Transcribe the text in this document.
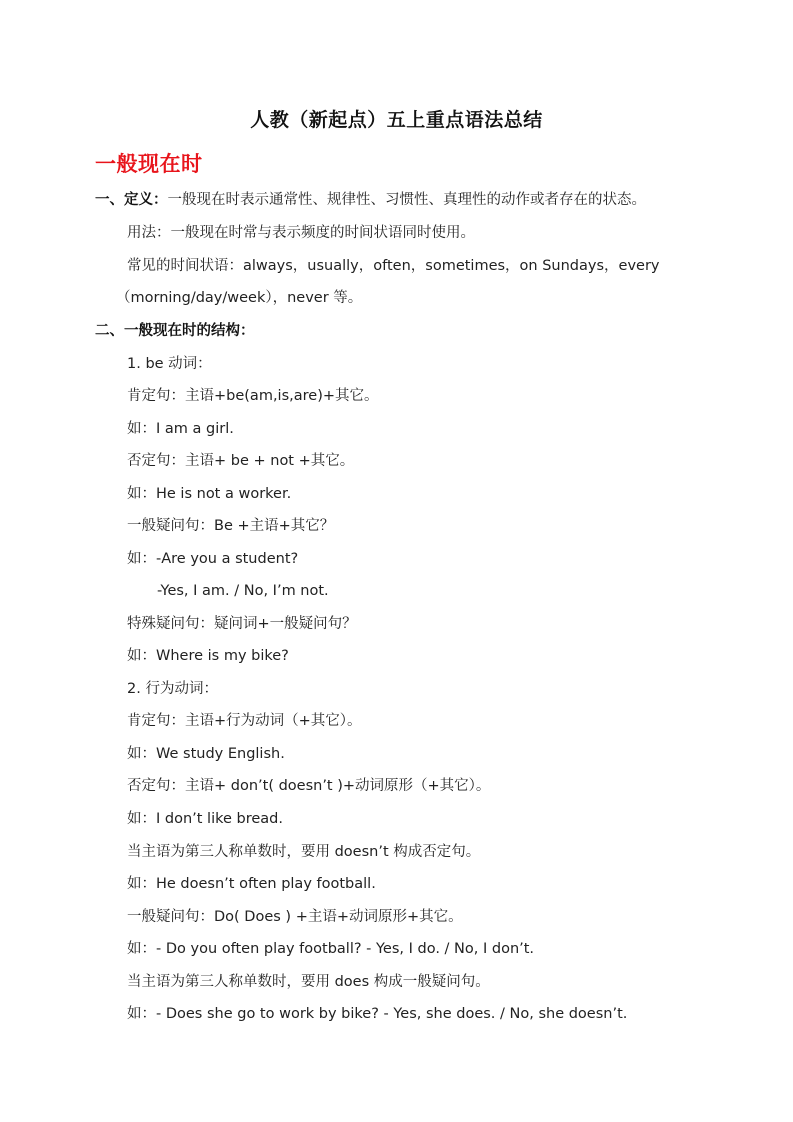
人教（新起点）五上重点语法总结
一般现在时
一、定义：一般现在时表示通常性、规律性、习惯性、真理性的动作或者存在的状态。
用法：一般现在时常与表示频度的时间状语同时使用。
常见的时间状语：always，usually，often，sometimes，on Sundays，every
（morning/day/week），never 等。
二、一般现在时的结构：
1. be 动词：
肯定句：主语+be(am,is,are)+其它。
如：I am a girl.
否定句：主语+ be + not +其它。
如：He is not a worker.
一般疑问句：Be +主语+其它？
如：-Are you a student?
-Yes, I am. / No, I’m not.
特殊疑问句：疑问词+一般疑问句？
如：Where is my bike?
2. 行为动词：
肯定句：主语+行为动词（+其它）。
如：We study English.
否定句：主语+ don’t( doesn’t )+动词原形（+其它）。
如：I don’t like bread.
当主语为第三人称单数时，要用 doesn’t 构成否定句。
如：He doesn’t often play football.
一般疑问句：Do( Does ) +主语+动词原形+其它。
如：- Do you often play football? - Yes, I do. / No, I don’t.
当主语为第三人称单数时，要用 does 构成一般疑问句。
如：- Does she go to work by bike? - Yes, she does. / No, she doesn’t.
